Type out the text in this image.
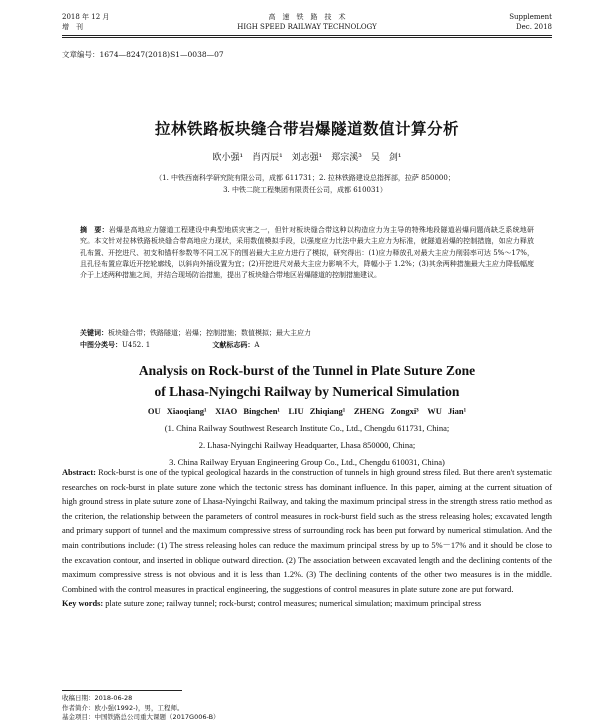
2018 年 12 月
增　刊
高　速　铁　路　技　术
HIGH SPEED RAILWAY TECHNOLOGY
Supplement
Dec. 2018
文章编号：1674—8247(2018)S1—0038—07
拉林铁路板块缝合带岩爆隧道数值计算分析
欧小强¹　肖丙辰¹　刘志强¹　郑宗溪³　吴　剑¹
（1. 中铁西南科学研究院有限公司，成都 611731；2. 拉林铁路建设总指挥部，拉萨 850000；
3. 中铁二院工程集团有限责任公司，成都 610031）
摘　要：岩爆是高地应力隧道工程建设中典型地质灾害之一，但针对板块缝合带这种以构造应力为主导的特殊地段隧道岩爆问题尚缺乏系统地研究。本文针对拉林铁路板块缝合带高地应力现状，采用数值模拟手段，以强度应力比法中最大主应力为标准，就隧道岩爆的控制措施，如应力释放孔布置、开挖进尺、初支和锚杆参数等不同工况下的围岩最大主应力进行了模拟，研究得出：(1)应力释放孔对最大主应力削弱率可达 5%～17%，且孔径布置应靠近开挖轮廓线，以斜向外插设置为宜；(2)开挖进尺对最大主应力影响不大，降幅小于 1.2%；(3)其余两种措施最大主应力降低幅度介于上述两种措施之间，并结合现场防治措施，提出了板块缝合带地区岩爆隧道的控制措施建议。
关键词：板块缝合带；铁路隧道；岩爆；控制措施；数值模拟；最大主应力
中图分类号：U452. 1	文献标志码：A
Analysis on Rock-burst of the Tunnel in Plate Suture Zone
of Lhasa-Nyingchi Railway by Numerical Simulation
OU Xiaoqiang¹　XIAO Bingchen¹　LIU Zhiqiang¹　ZHENG Zongxi³　WU Jian¹
(1. China Railway Southwest Research Institute Co., Ltd., Chengdu 611731, China;
2. Lhasa-Nyingchi Railway Headquarter, Lhasa 850000, China;
3. China Railway Eryuan Engineering Group Co., Ltd., Chengdu 610031, China)
Abstract: Rock-burst is one of the typical geological hazards in the construction of tunnels in high ground stress filed. But there aren't systematic researches on rock-burst in plate suture zone which the tectonic stress has dominant influence. In this paper, aiming at the current situation of high ground stress in plate suture zone of Lhasa-Nyingchi Railway, and taking the maximum principal stress in the strength stress ratio method as the criterion, the relationship between the parameters of control measures in rock-burst field such as the stress releasing holes; excavated length and primary support of tunnel and the maximum compressive stress of surrounding rock has been put forward by numerical stimulation. And the main contributions include: (1) The stress releasing holes can reduce the maximum principal stress by up to 5%－17% and it should be close to the excavation contour, and inserted in oblique outward direction. (2) The association between excavated length and the declining contents of the maximum compressive stress is not obvious and it is less than 1.2%. (3) The declining contents of the other two measures is in the middle. Combined with the control measures in practical engineering, the suggestions of control measures in plate suture zone are put forward.
Key words: plate suture zone; railway tunnel; rock-burst; control measures; numerical simulation; maximum principal stress
收稿日期：2018-06-28
作者简介：欧小强(1992-)，男，工程师。
基金项目：中国铁路总公司重大课题（2017G006-B）
